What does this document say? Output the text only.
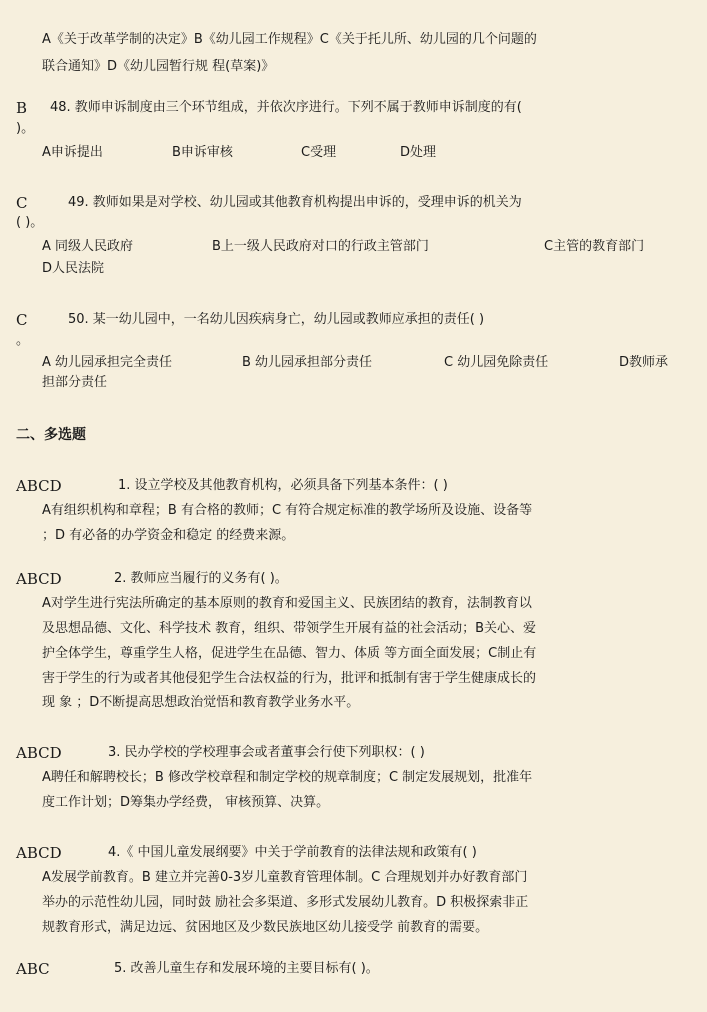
A《关于改革学制的决定》B《幼儿园工作规程》C《关于托儿所、幼儿园的几个问题的
联合通知》D《幼儿园暂行规 程(草案)》
B 48. 教师申诉制度由三个环节组成，并依次序进行。下列不属于教师申诉制度的有(
)。
A申诉提出	B申诉审核	C受理	D处理
C	49. 教师如果是对学校、幼儿园或其他教育机构提出申诉的，受理申诉的机关为
( )。
A 同级人民政府	B上一级人民政府对口的行政主管部门	C主管的教育部门
D人民法院
C	50. 某一幼儿园中，一名幼儿因疾病身亡，幼儿园或教师应承担的责任( )
。
A 幼儿园承担完全责任	B 幼儿园承担部分责任	C 幼儿园免除责任	D教师承
担部分责任
二、多选题
ABCD	1. 设立学校及其他教育机构，必须具备下列基本条件：( )
A有组织机构和章程；B 有合格的教师；C 有符合规定标准的教学场所及设施、设备等
；D 有必备的办学资金和稳定 的经费来源。
ABCD	2. 教师应当履行的义务有( )。
A对学生进行宪法所确定的基本原则的教育和爱国主义、民族团结的教育，法制教育以
及思想品德、文化、科学技术 教育，组织、带领学生开展有益的社会活动；B关心、爱
护全体学生，尊重学生人格，促进学生在品德、智力、体质 等方面全面发展；C制止有
害于学生的行为或者其他侵犯学生合法权益的行为，批评和抵制有害于学生健康成长的
现 象 ；D不断提高思想政治觉悟和教育教学业务水平。
ABCD	3. 民办学校的学校理事会或者董事会行使下列职权：( )
A聘任和解聘校长；B 修改学校章程和制定学校的规章制度；C 制定发展规划，批准年
度工作计划；D筹集办学经费， 审核预算、决算。
ABCD	4.《 中国儿童发展纲要》中关于学前教育的法律法规和政策有( )
A发展学前教育。B 建立并完善0-3岁儿童教育管理体制。C 合理规划并办好教育部门
举办的示范性幼儿园，同时鼓 励社会多渠道、多形式发展幼儿教育。D 积极探索非正
规教育形式，满足边远、贫困地区及少数民族地区幼儿接受学 前教育的需要。
ABC	5. 改善儿童生存和发展环境的主要目标有( )。
